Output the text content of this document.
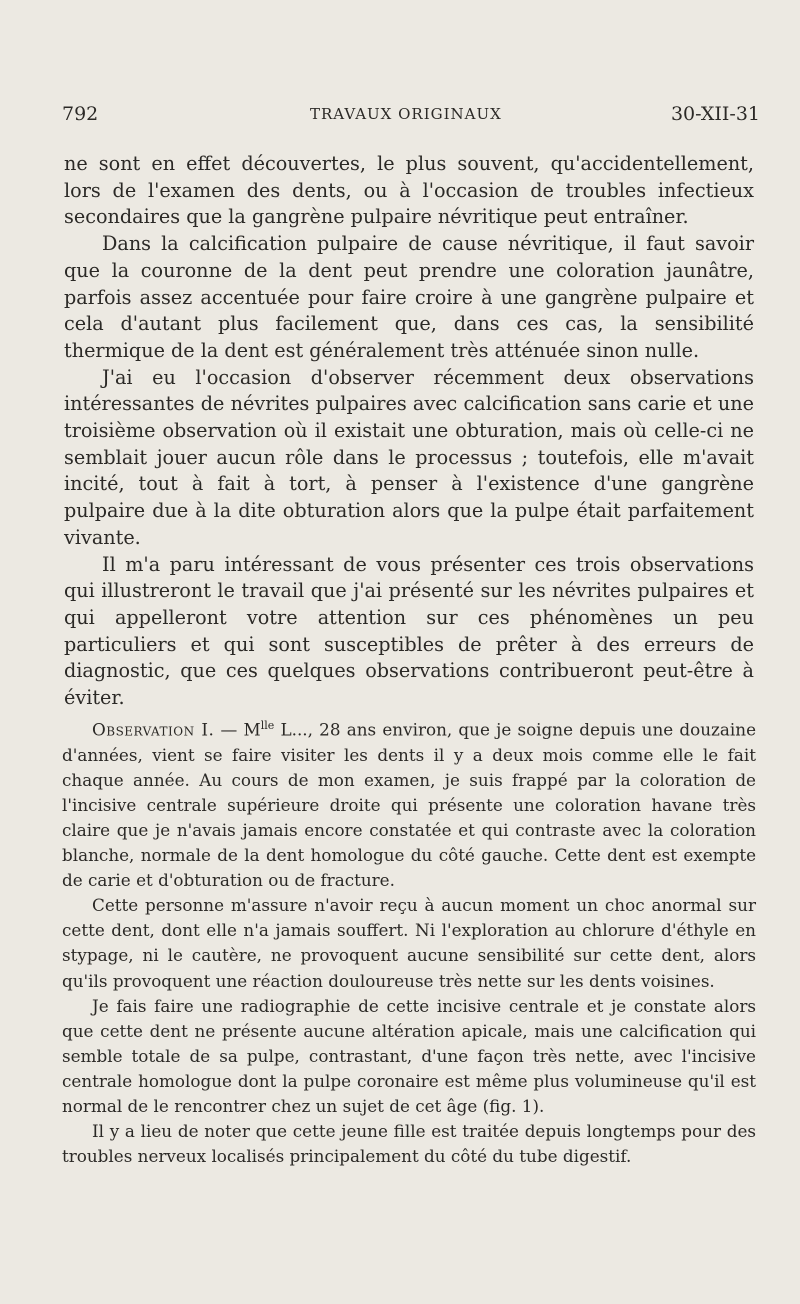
792	TRAVAUX ORIGINAUX	30-XII-31

ne sont en effet découvertes, le plus souvent, qu'accidentellement, lors de l'examen des dents, ou à l'occasion de troubles infectieux secondaires que la gangrène pulpaire névritique peut entraîner.

Dans la calcification pulpaire de cause névritique, il faut savoir que la couronne de la dent peut prendre une coloration jaunâtre, parfois assez accentuée pour faire croire à une gangrène pulpaire et cela d'autant plus facilement que, dans ces cas, la sensibilité thermique de la dent est généralement très atténuée sinon nulle.

J'ai eu l'occasion d'observer récemment deux observations intéressantes de névrites pulpaires avec calcification sans carie et une troisième observation où il existait une obturation, mais où celle-ci ne semblait jouer aucun rôle dans le processus ; toutefois, elle m'avait incité, tout à fait à tort, à penser à l'existence d'une gangrène pulpaire due à la dite obturation alors que la pulpe était parfaitement vivante.

Il m'a paru intéressant de vous présenter ces trois observations qui illustreront le travail que j'ai présenté sur les névrites pulpaires et qui appelleront votre attention sur ces phénomènes un peu particuliers et qui sont susceptibles de prêter à des erreurs de diagnostic, que ces quelques observations contribueront peut-être à éviter.

Observation I. — $M^{lle}$ L..., 28 ans environ, que je soigne depuis une douzaine d'années, vient se faire visiter les dents il y a deux mois comme elle le fait chaque année. Au cours de mon examen, je suis frappé par la coloration de l'incisive centrale supérieure droite qui présente une coloration havane très claire que je n'avais jamais encore constatée et qui contraste avec la coloration blanche, normale de la dent homologue du côté gauche. Cette dent est exempte de carie et d'obturation ou de fracture.

Cette personne m'assure n'avoir reçu à aucun moment un choc anormal sur cette dent, dont elle n'a jamais souffert. Ni l'exploration au chlorure d'éthyle en stypage, ni le cautère, ne provoquent aucune sensibilité sur cette dent, alors qu'ils provoquent une réaction douloureuse très nette sur les dents voisines.

Je fais faire une radiographie de cette incisive centrale et je constate alors que cette dent ne présente aucune altération apicale, mais une calcification qui semble totale de sa pulpe, contrastant, d'une façon très nette, avec l'incisive centrale homologue dont la pulpe coronaire est même plus volumineuse qu'il est normal de le rencontrer chez un sujet de cet âge (fig. 1).

Il y a lieu de noter que cette jeune fille est traitée depuis longtemps pour des troubles nerveux localisés principalement du côté du tube digestif.
